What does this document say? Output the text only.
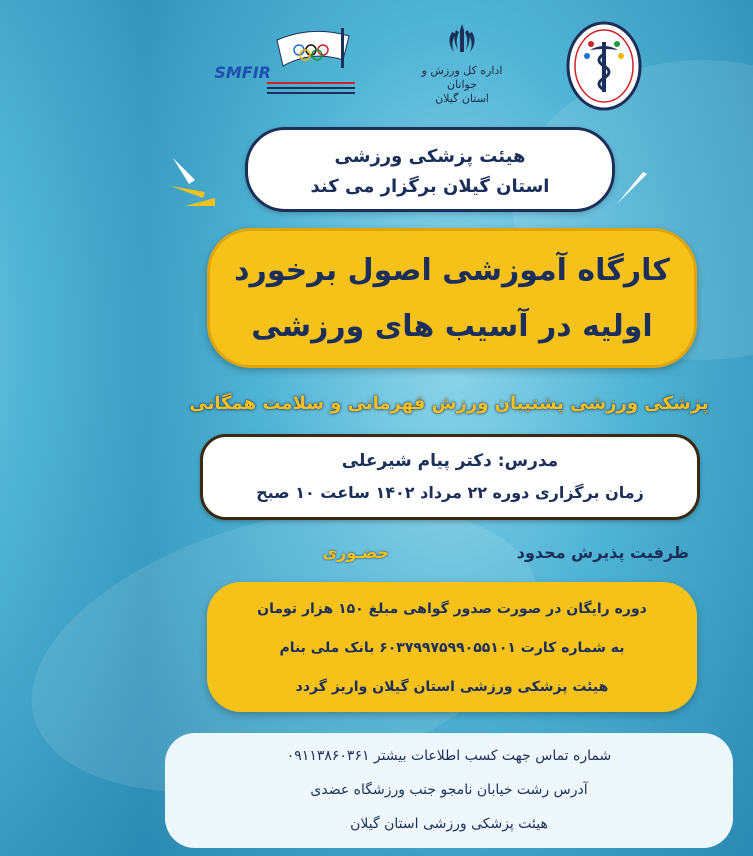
SMFIR	اداره کل ورزش و جوانان
استان گیلان
هیئت پزشکی ورزشی
استان گیلان برگزار می کند
کارگاه آموزشی اصول برخورد
اولیه در آسیب های ورزشی
پزشکی ورزشی پشتیبان ورزش قهرمانی و سلامت همگانی
مدرس: دکتر پیام شیرعلی
زمان برگزاری دوره ۲۲ مرداد ۱۴۰۲ ساعت ۱۰ صبح
ظرفیت پذیرش محدود
حضـوری
دوره رایگان در صورت صدور گواهی مبلغ ۱۵۰ هزار تومان
به شماره کارت ۶۰۳۷۹۹۷۵۹۹۰۵۵۱۰۱ بانک ملی بنام
هیئت پزشکی ورزشی استان گیلان واریز گردد
شماره تماس جهت کسب اطلاعات بیشتر ۰۹۱۱۳۸۶۰۳۶۱
آدرس رشت خیابان نامجو جنب ورزشگاه عضدی
هیئت پزشکی ورزشی استان گیلان
